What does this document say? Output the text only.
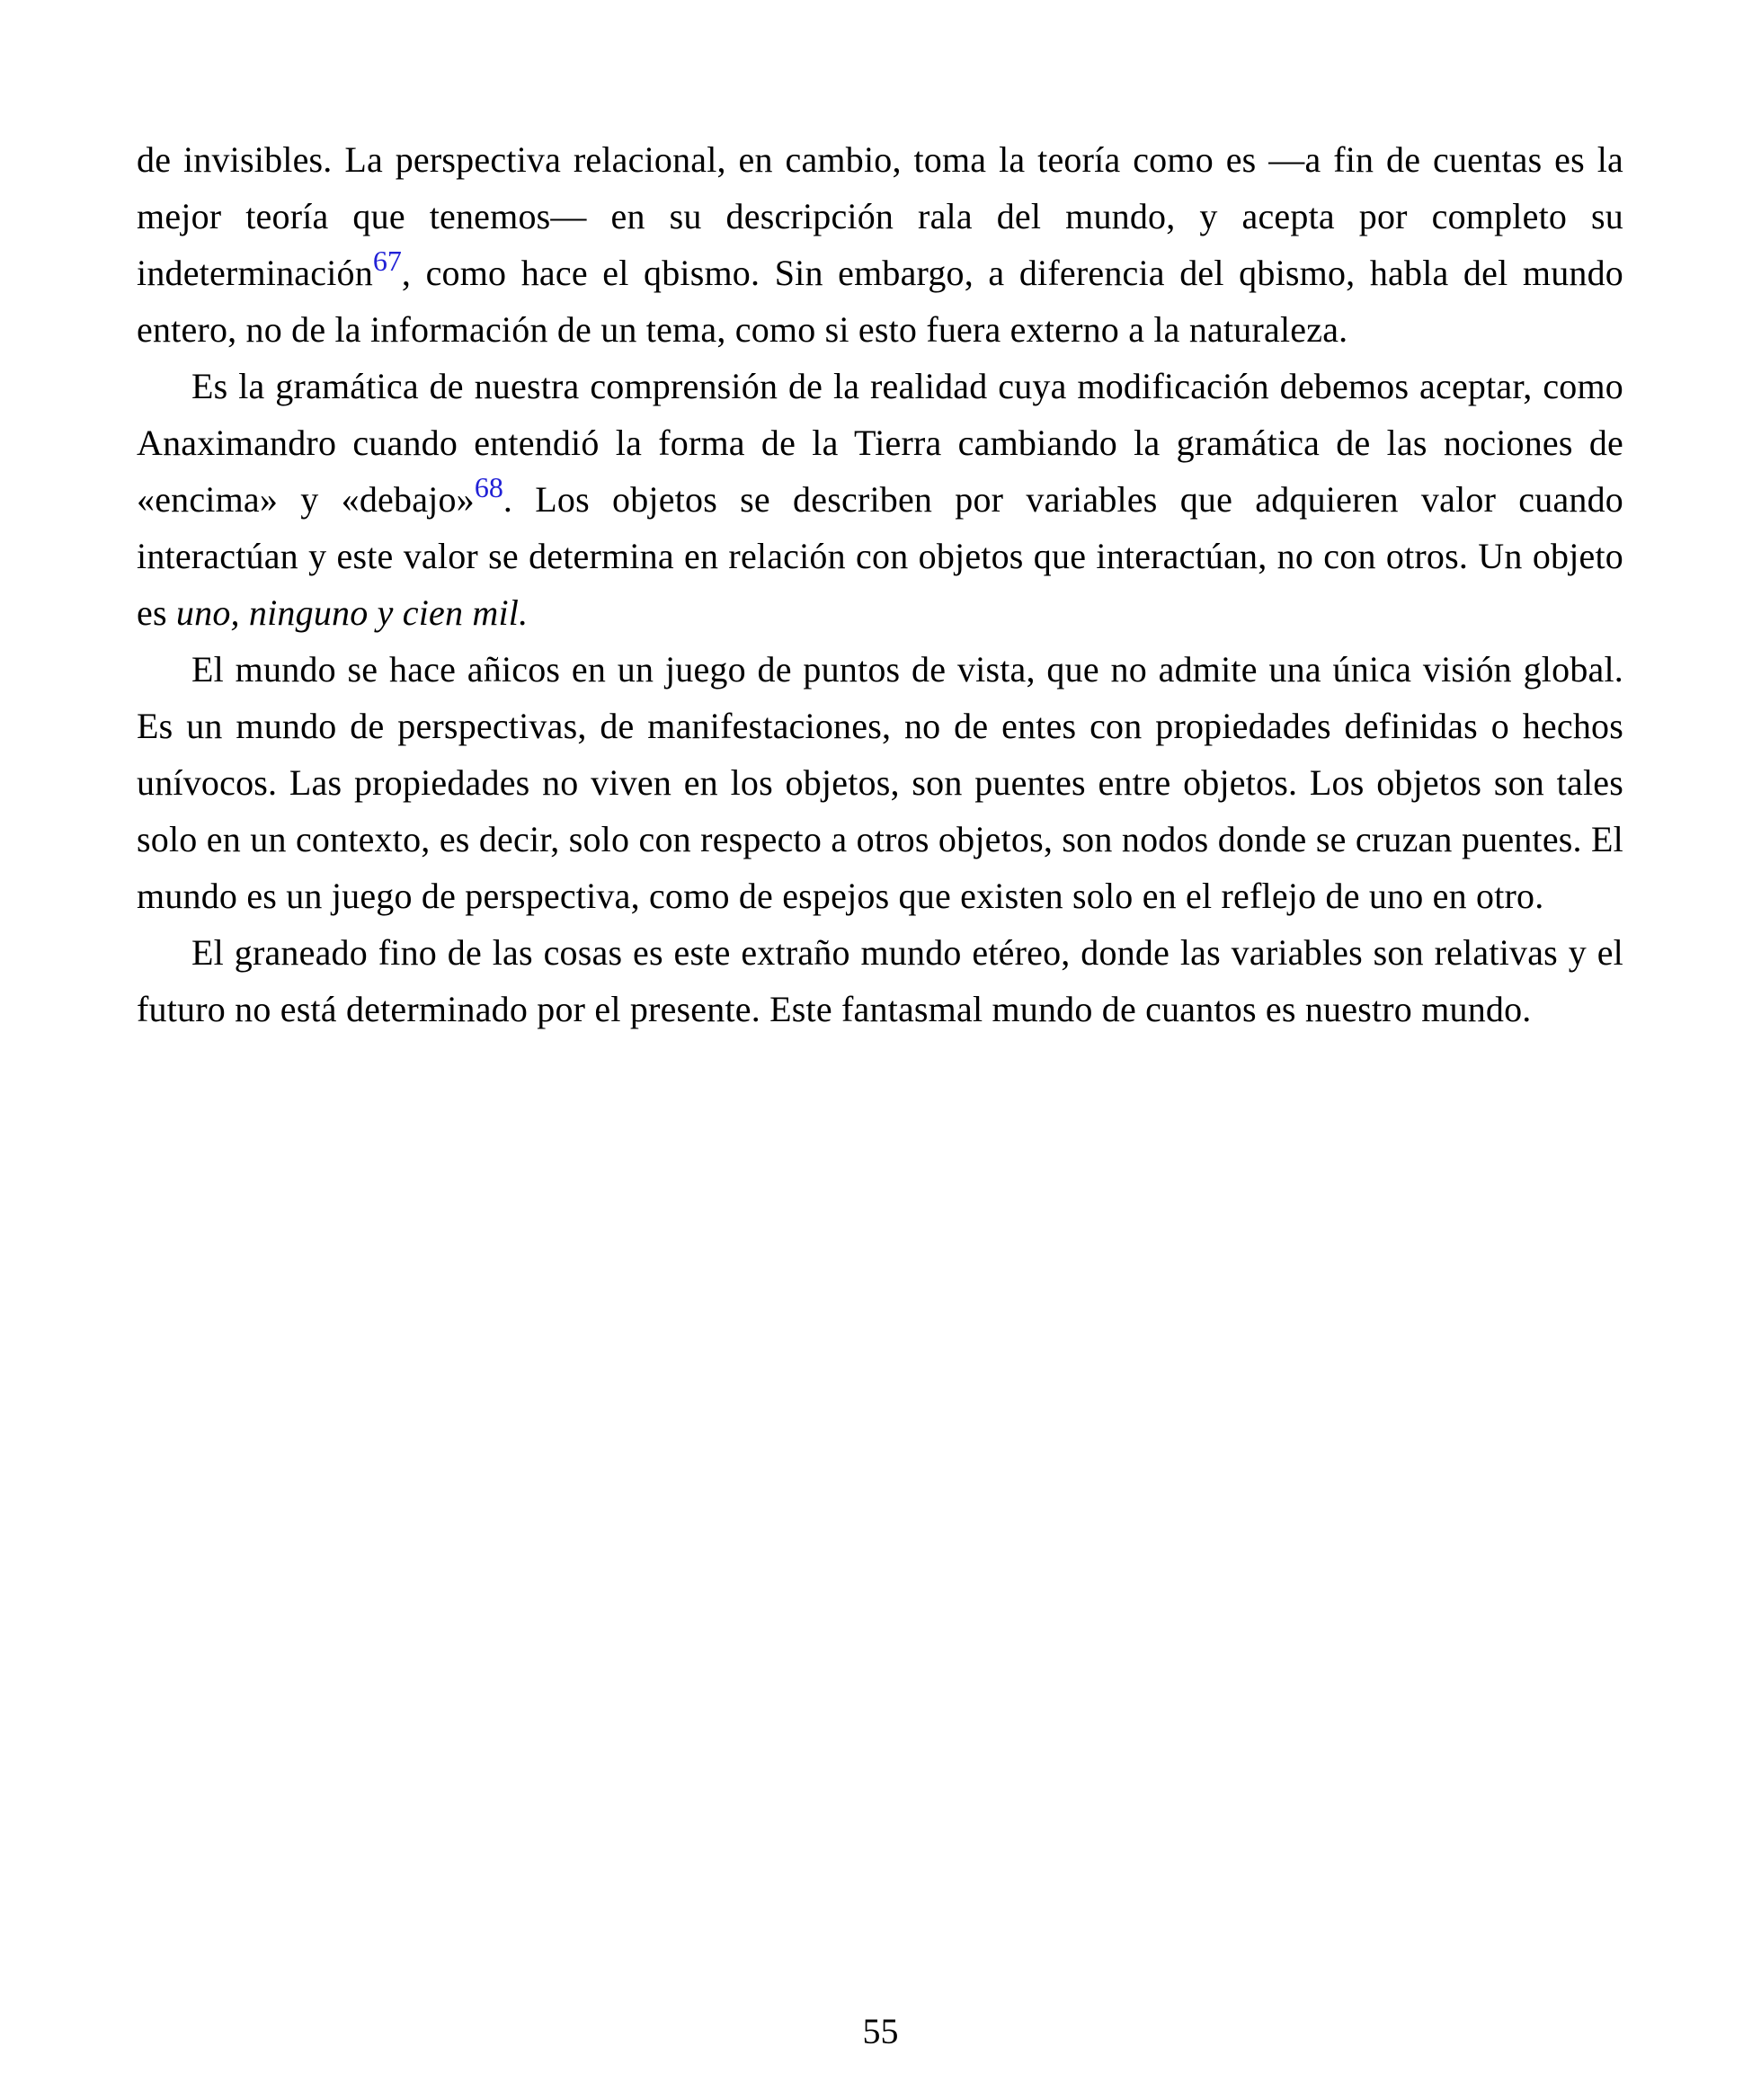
de invisibles. La perspectiva relacional, en cambio, toma la teoría como es —a fin de cuentas es la mejor teoría que tenemos— en su descripción rala del mundo, y acepta por completo su indeterminación$^{67}$, como hace el qbismo. Sin embargo, a diferencia del qbismo, habla del mundo entero, no de la información de un tema, como si esto fuera externo a la naturaleza.

Es la gramática de nuestra comprensión de la realidad cuya modificación debemos aceptar, como Anaximandro cuando entendió la forma de la Tierra cambiando la gramática de las nociones de «encima» y «debajo»$^{68}$. Los objetos se describen por variables que adquieren valor cuando interactúan y este valor se determina en relación con objetos que interactúan, no con otros. Un objeto es uno, ninguno y cien mil.

El mundo se hace añicos en un juego de puntos de vista, que no admite una única visión global. Es un mundo de perspectivas, de manifestaciones, no de entes con propiedades definidas o hechos unívocos. Las propiedades no viven en los objetos, son puentes entre objetos. Los objetos son tales solo en un contexto, es decir, solo con respecto a otros objetos, son nodos donde se cruzan puentes. El mundo es un juego de perspectiva, como de espejos que existen solo en el reflejo de uno en otro.

El graneado fino de las cosas es este extraño mundo etéreo, donde las variables son relativas y el futuro no está determinado por el presente. Este fantasmal mundo de cuantos es nuestro mundo.

55
